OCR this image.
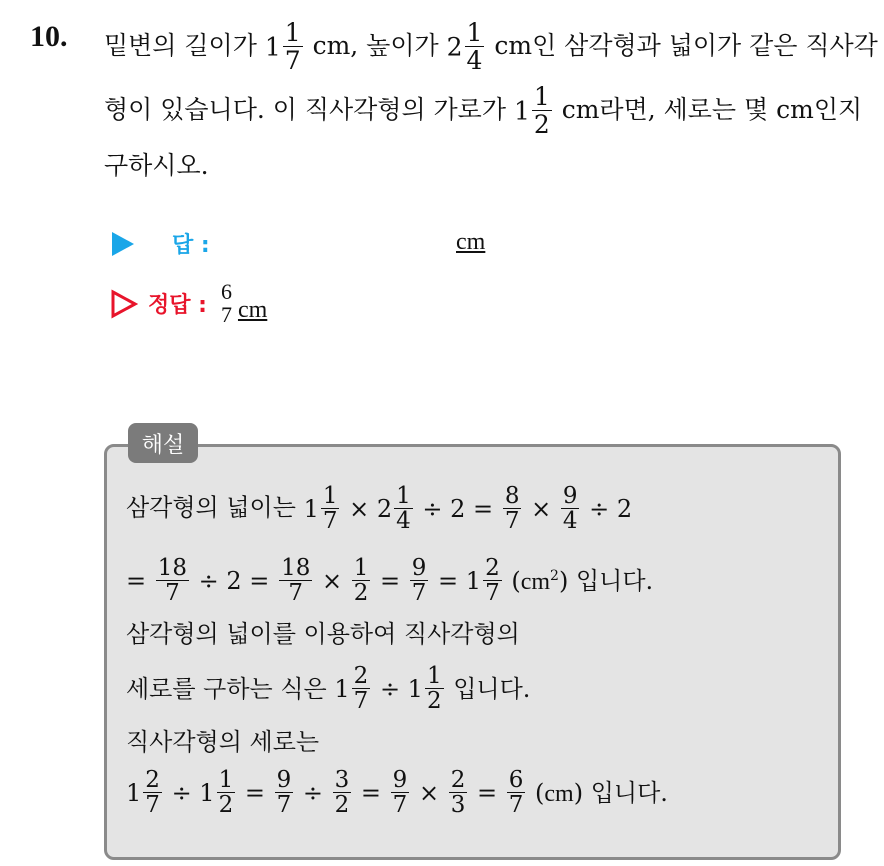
10. 밑변의 길이가 $1 \frac{1}{7}$ cm, 높이가 $2 \frac{1}{4}$ cm인 삼각형과 넓이가 같은 직사각
형이 있습니다. 이 직사각형의 가로가 $1 \frac{1}{2}$ cm라면, 세로는 몇 cm인지
구하시오.
답 :	cm
정답 :
6
7 cm
해설
삼각형의 넓이는 $1 \frac{1}{7} \times 2 \frac{1}{4} \div 2 = \frac{8}{7} \times \frac{9}{4} \div 2$
= $\frac{18}{7} \div 2 = \frac{18}{7} \times \frac{1}{2} = \frac{9}{7} = 1 \frac{2}{7} (cm^2)$ 입니다.
삼각형의 넓이를 이용하여 직사각형의
세로를 구하는 식은 $1 \frac{2}{7} \div 1 \frac{1}{2}$ 입니다.
직사각형의 세로는
$1 \frac{2}{7} \div 1 \frac{1}{2} = \frac{9}{7} \div \frac{3}{2} = \frac{9}{7} \times \frac{2}{3} = \frac{6}{7} (cm)$ 입니다.
